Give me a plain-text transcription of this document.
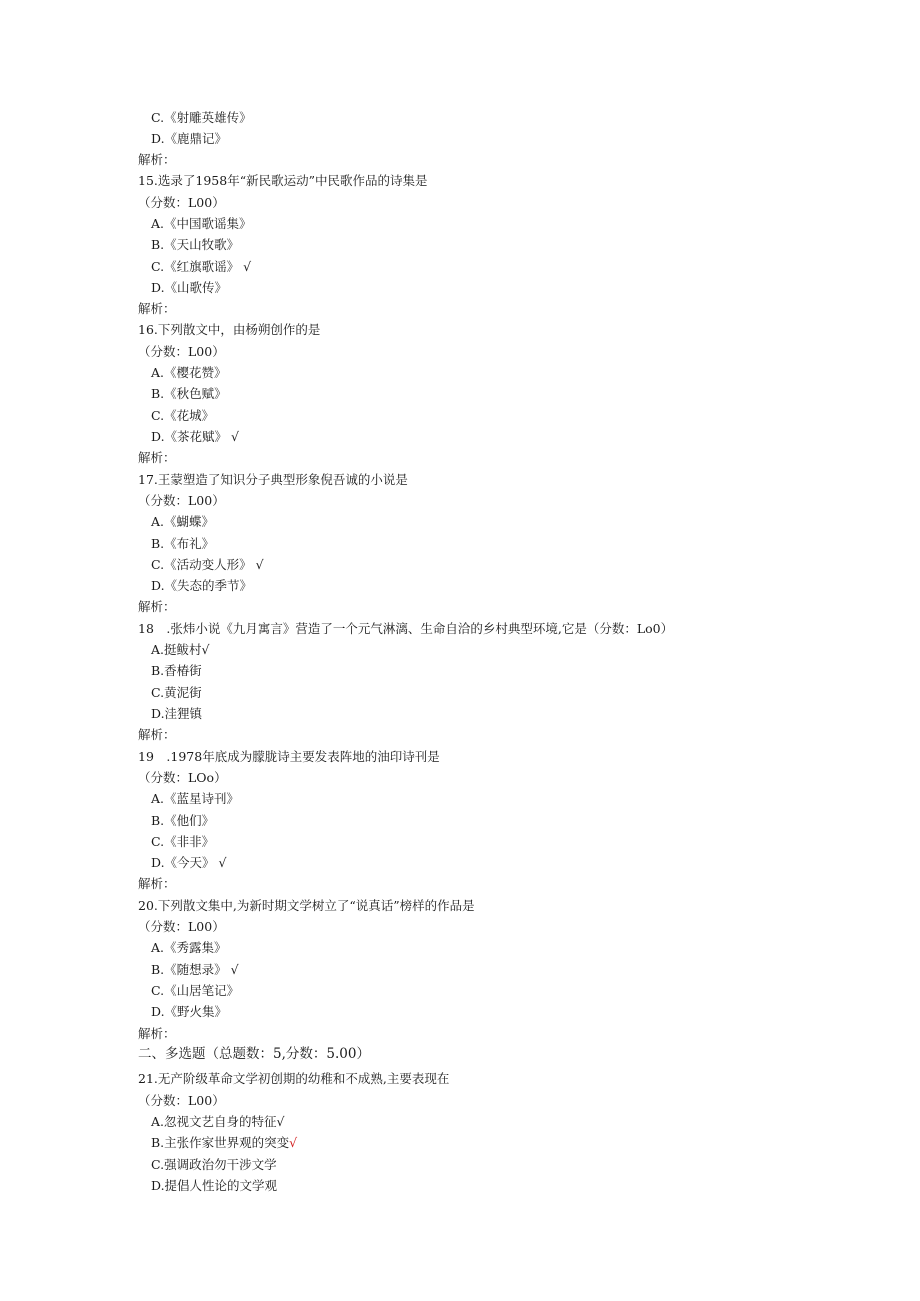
C.《射雕英雄传》
D.《鹿鼎记》
解析：
15.选录了1958年“新民歌运动”中民歌作品的诗集是
（分数：L00）
A.《中国歌谣集》
B.《天山牧歌》
C.《红旗歌谣》 √
D.《山歌传》
解析：
16.下列散文中，由杨朔创作的是
（分数：L00）
A.《樱花赞》
B.《秋色赋》
C.《花城》
D.《茶花赋》 √
解析：
17.王蒙塑造了知识分子典型形象倪吾诚的小说是
（分数：L00）
A.《蝴蝶》
B.《布礼》
C.《活动变人形》 √
D.《失态的季节》
解析：
18　.张炜小说《九月寓言》营造了一个元气淋漓、生命自洽的乡村典型环境,它是（分数：Lo0）
A.挺鲅村√
B.香椿街
C.黄泥街
D.洼狸镇
解析：
19　.1978年底成为朦胧诗主要发表阵地的油印诗刊是
（分数：LOo）
A.《蓝星诗刊》
B.《他们》
C.《非非》
D.《今天》 √
解析：
20.下列散文集中,为新时期文学树立了“说真话”榜样的作品是
（分数：L00）
A.《秀露集》
B.《随想录》 √
C.《山居笔记》
D.《野火集》
解析：
二、多选题（总题数：5,分数：5.00）
21.无产阶级革命文学初创期的幼稚和不成熟,主要表现在
（分数：L00）
A.忽视文艺自身的特征√
B.主张作家世界观的突变√
C.强调政治勿干涉文学
D.提倡人性论的文学观
